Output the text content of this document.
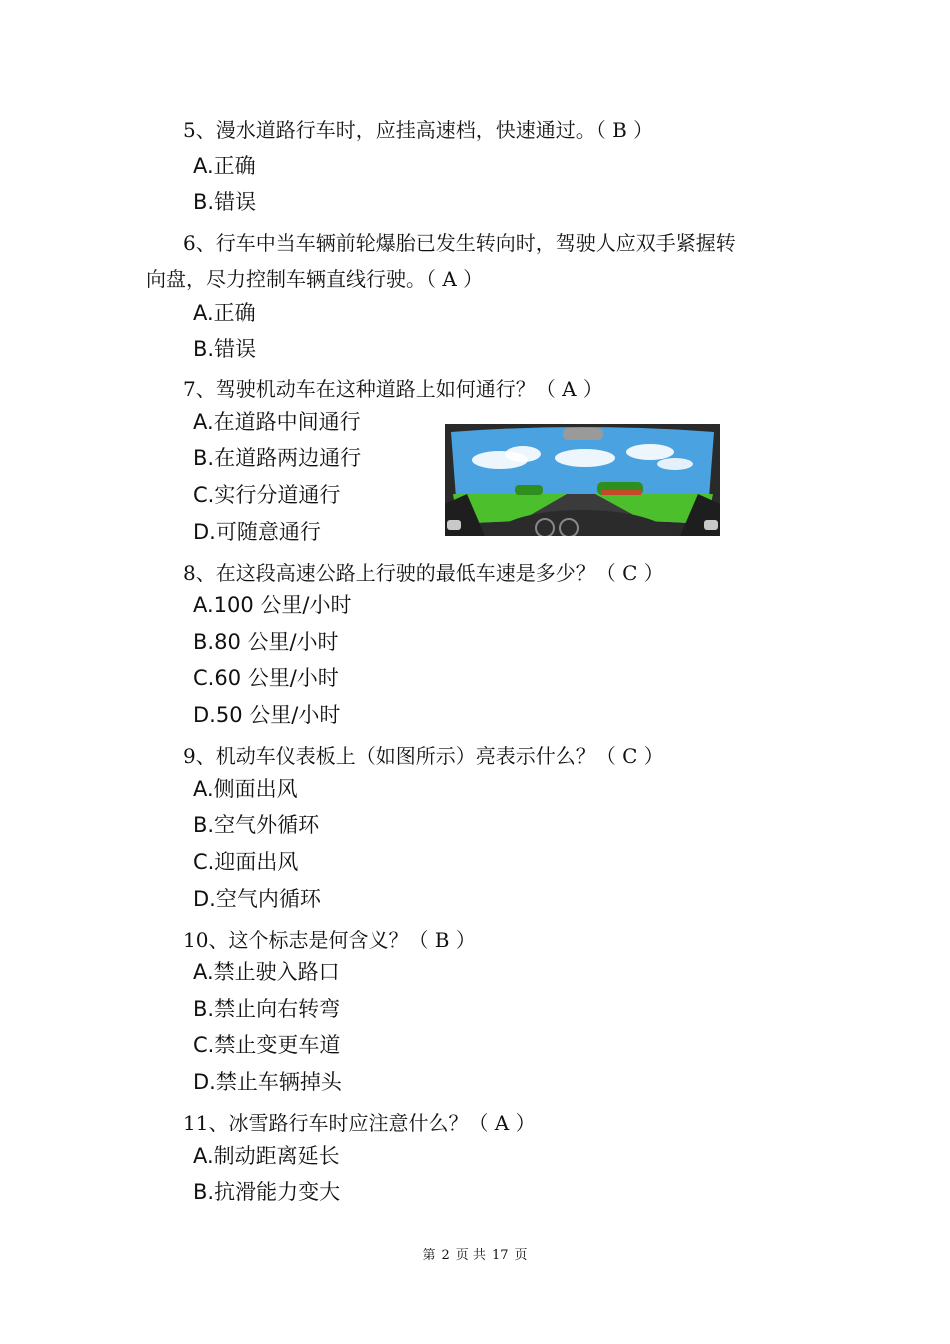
5、漫水道路行车时，应挂高速档，快速通过。（ B ）
A.正确
B.错误
6、行车中当车辆前轮爆胎已发生转向时，驾驶人应双手紧握转
向盘，尽力控制车辆直线行驶。（ A ）
A.正确
B.错误
7、驾驶机动车在这种道路上如何通行？（ A ）
A.在道路中间通行
B.在道路两边通行
C.实行分道通行
D.可随意通行
8、在这段高速公路上行驶的最低车速是多少？（ C ）
A.100 公里/小时
B.80 公里/小时
C.60 公里/小时
D.50 公里/小时
9、机动车仪表板上（如图所示）亮表示什么？（ C ）
A.侧面出风
B.空气外循环
C.迎面出风
D.空气内循环
10、这个标志是何含义？（ B ）
A.禁止驶入路口
B.禁止向右转弯
C.禁止变更车道
D.禁止车辆掉头
11、冰雪路行车时应注意什么？（ A ）
A.制动距离延长
B.抗滑能力变大
第 2 页 共 17 页
